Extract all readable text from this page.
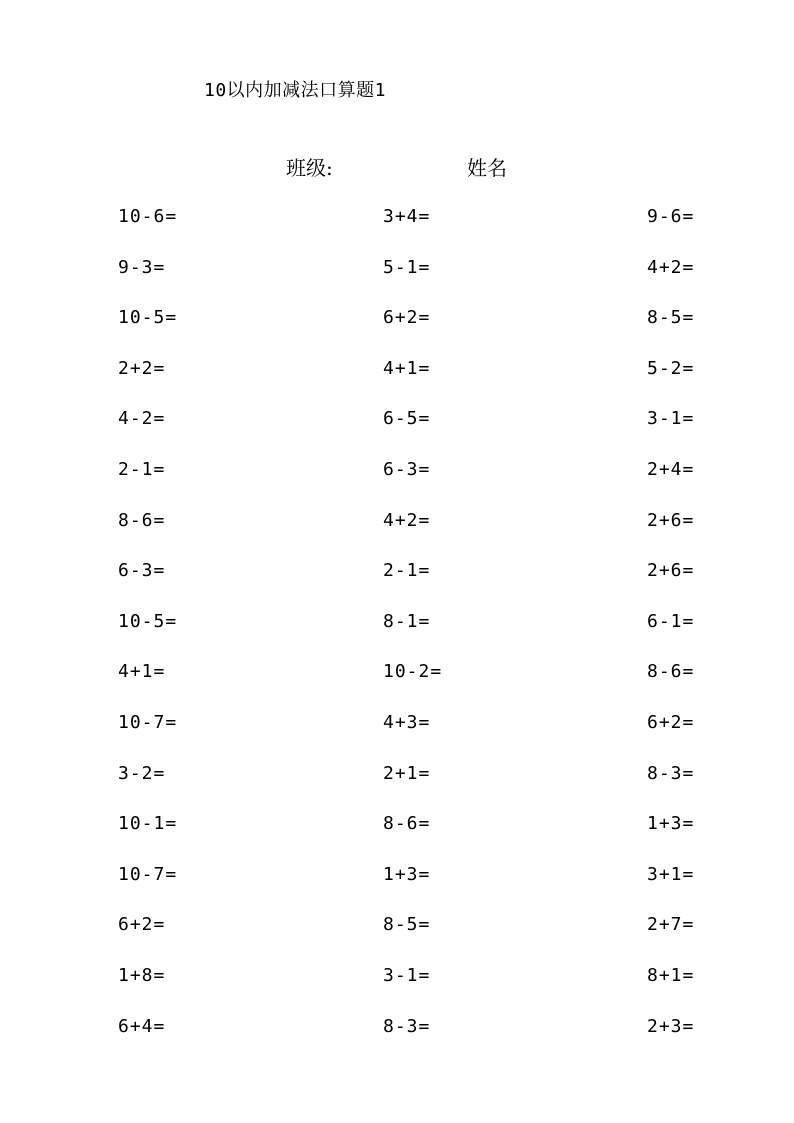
10以内加减法口算题1
班级:	姓名
10-6=	3+4=	9-6=
9-3=	5-1=	4+2=
10-5=	6+2=	8-5=
2+2=	4+1=	5-2=
4-2=	6-5=	3-1=
2-1=	6-3=	2+4=
8-6=	4+2=	2+6=
6-3=	2-1=	2+6=
10-5=	8-1=	6-1=
4+1=	10-2=	8-6=
10-7=	4+3=	6+2=
3-2=	2+1=	8-3=
10-1=	8-6=	1+3=
10-7=	1+3=	3+1=
6+2=	8-5=	2+7=
1+8=	3-1=	8+1=
6+4=	8-3=	2+3=
